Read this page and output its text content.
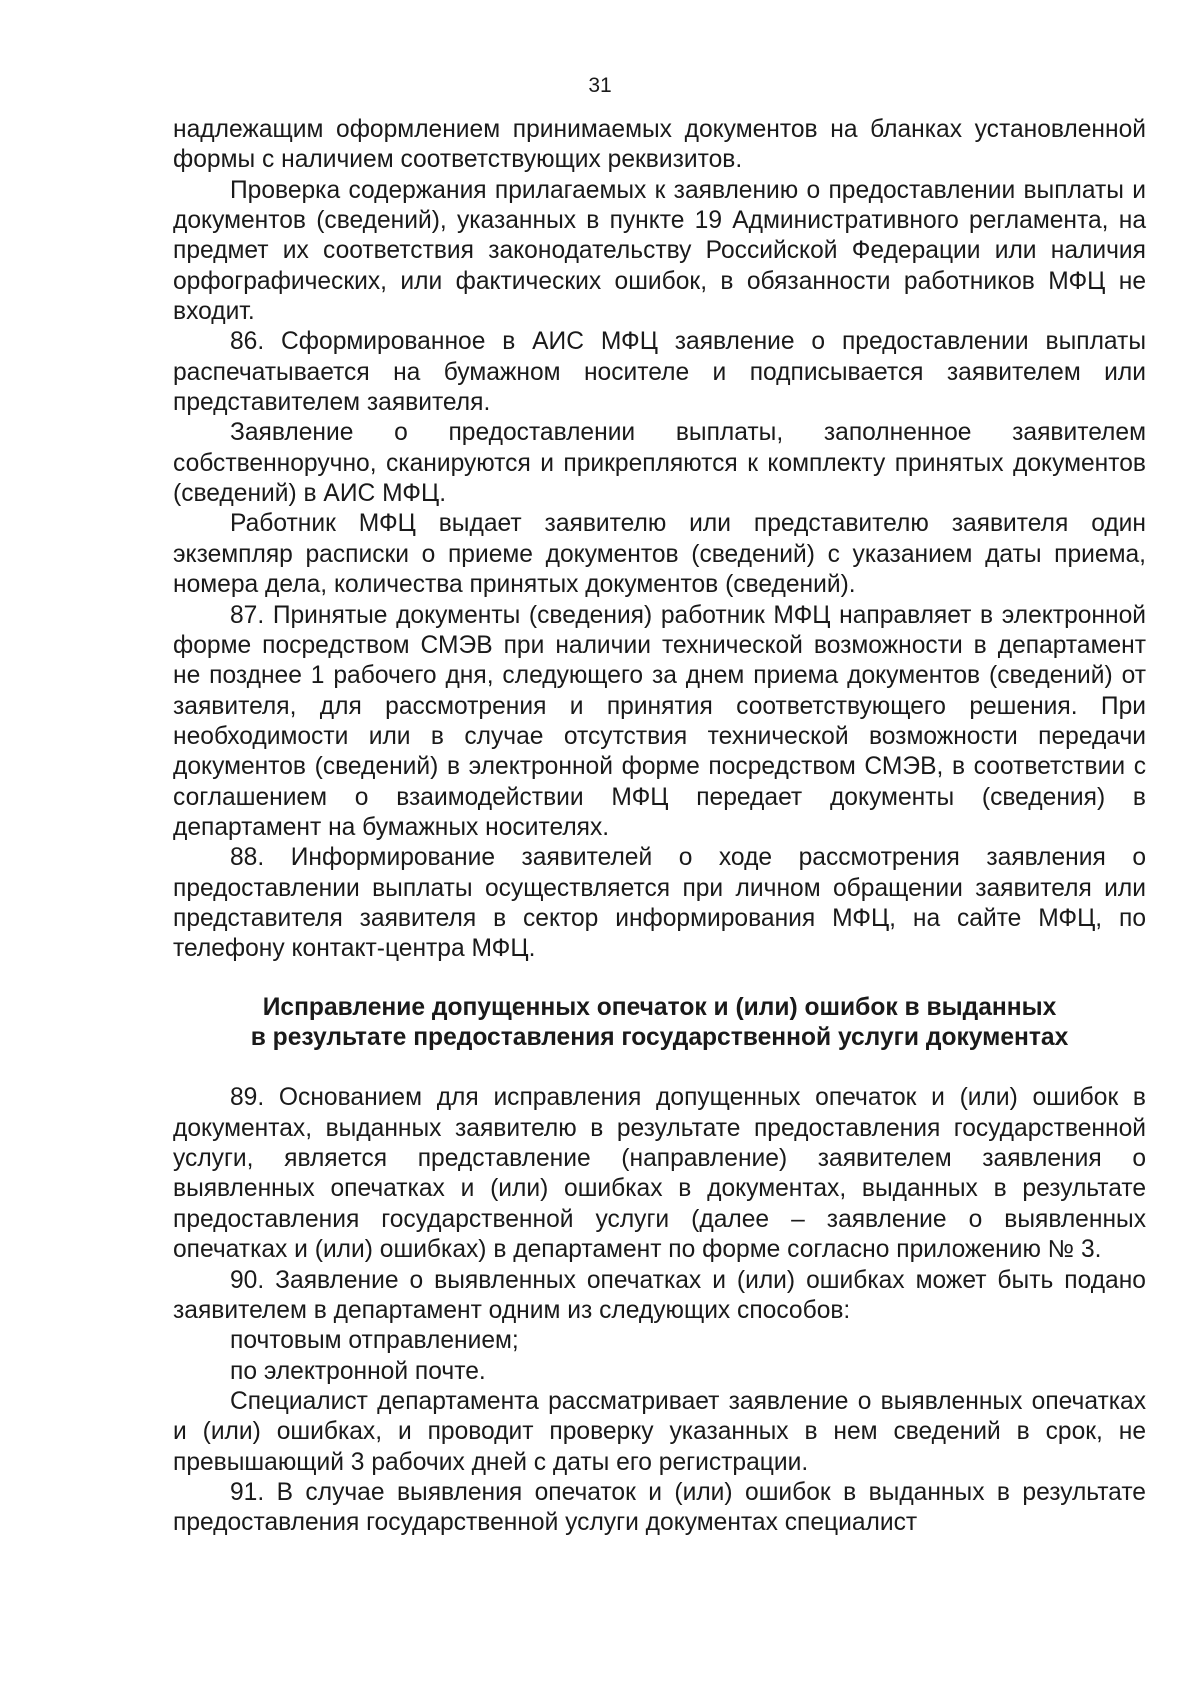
31

надлежащим оформлением принимаемых документов на бланках установленной формы с наличием соответствующих реквизитов.

Проверка содержания прилагаемых к заявлению о предоставлении выплаты и документов (сведений), указанных в пункте 19 Административного регламента, на предмет их соответствия законодательству Российской Федерации или наличия орфографических, или фактических ошибок, в обязанности работников МФЦ не входит.

86. Сформированное в АИС МФЦ заявление о предоставлении выплаты распечатывается на бумажном носителе и подписывается заявителем или представителем заявителя.

Заявление о предоставлении выплаты, заполненное заявителем собственноручно, сканируются и прикрепляются к комплекту принятых документов (сведений) в АИС МФЦ.

Работник МФЦ выдает заявителю или представителю заявителя один экземпляр расписки о приеме документов (сведений) с указанием даты приема, номера дела, количества принятых документов (сведений).

87. Принятые документы (сведения) работник МФЦ направляет в электронной форме посредством СМЭВ при наличии технической возможности в департамент не позднее 1 рабочего дня, следующего за днем приема документов (сведений) от заявителя, для рассмотрения и принятия соответствующего решения. При необходимости или в случае отсутствия технической возможности передачи документов (сведений) в электронной форме посредством СМЭВ, в соответствии с соглашением о взаимодействии МФЦ передает документы (сведения) в департамент на бумажных носителях.

88. Информирование заявителей о ходе рассмотрения заявления о предоставлении выплаты осуществляется при личном обращении заявителя или представителя заявителя в сектор информирования МФЦ, на сайте МФЦ, по телефону контакт-центра МФЦ.

Исправление допущенных опечаток и (или) ошибок в выданных
в результате предоставления государственной услуги документах

89. Основанием для исправления допущенных опечаток и (или) ошибок в документах, выданных заявителю в результате предоставления государственной услуги, является представление (направление) заявителем заявления о выявленных опечатках и (или) ошибках в документах, выданных в результате предоставления государственной услуги (далее – заявление о выявленных опечатках и (или) ошибках) в департамент по форме согласно приложению № 3.

90. Заявление о выявленных опечатках и (или) ошибках может быть подано заявителем в департамент одним из следующих способов:

почтовым отправлением;

по электронной почте.

Специалист департамента рассматривает заявление о выявленных опечатках и (или) ошибках, и проводит проверку указанных в нем сведений в срок, не превышающий 3 рабочих дней с даты его регистрации.

91. В случае выявления опечаток и (или) ошибок в выданных в результате предоставления государственной услуги документах специалист
